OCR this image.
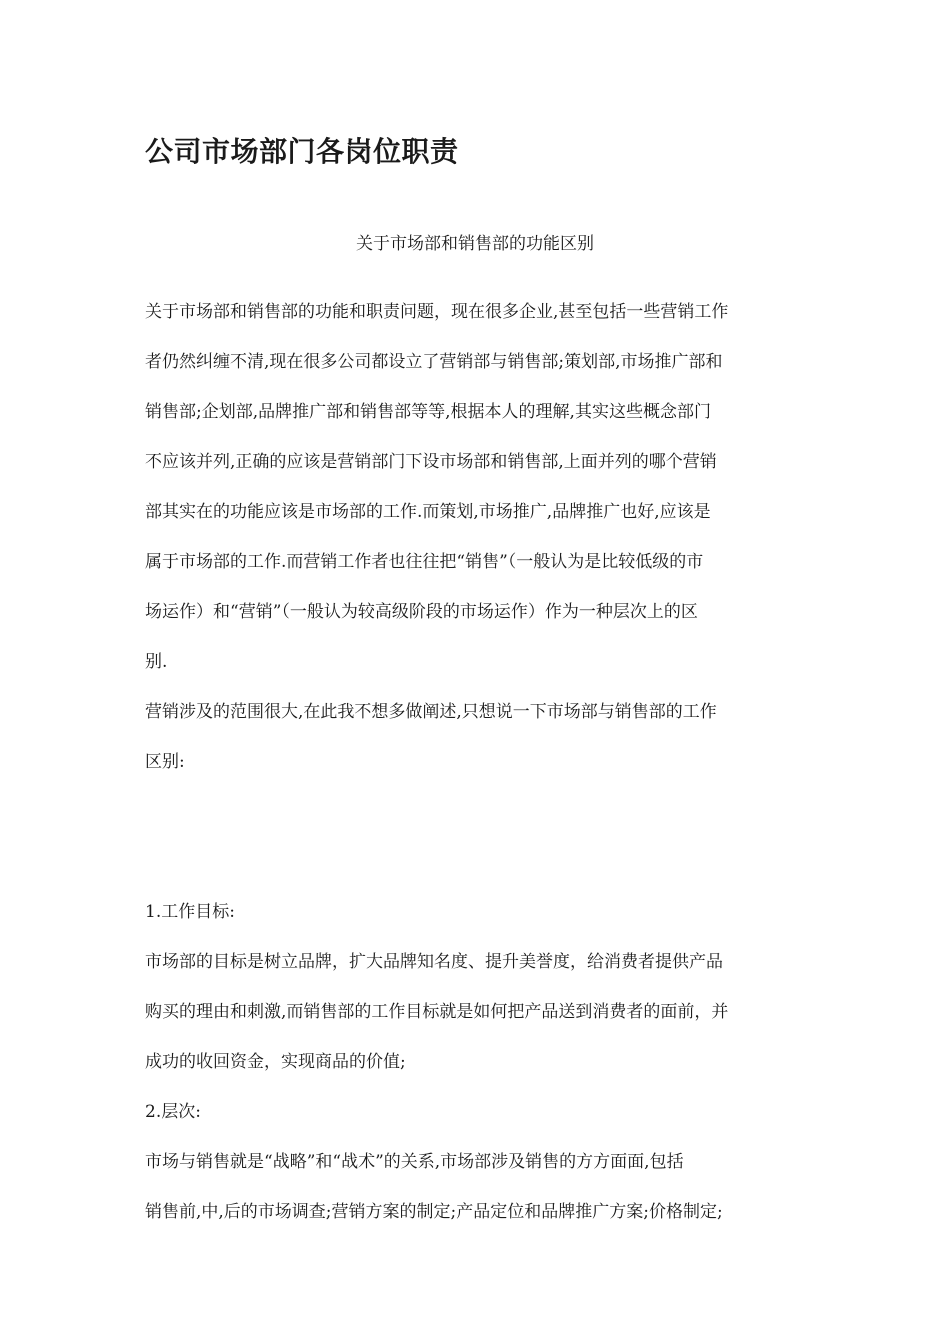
公司市场部门各岗位职责

关于市场部和销售部的功能区别

关于市场部和销售部的功能和职责问题，现在很多企业,甚至包括一些营销工作
者仍然纠缠不清,现在很多公司都设立了营销部与销售部;策划部,市场推广部和
销售部;企划部,品牌推广部和销售部等等,根据本人的理解,其实这些概念部门
不应该并列,正确的应该是营销部门下设市场部和销售部,上面并列的哪个营销
部其实在的功能应该是市场部的工作.而策划,市场推广,品牌推广也好,应该是
属于市场部的工作.而营销工作者也往往把“销售”（一般认为是比较低级的市
场运作）和“营销”（一般认为较高级阶段的市场运作）作为一种层次上的区
别.
营销涉及的范围很大,在此我不想多做阐述,只想说一下市场部与销售部的工作
区别:
1.工作目标:
市场部的目标是树立品牌，扩大品牌知名度、提升美誉度，给消费者提供产品
购买的理由和刺激,而销售部的工作目标就是如何把产品送到消费者的面前，并
成功的收回资金，实现商品的价值;
2.层次:
市场与销售就是“战略”和“战术”的关系,市场部涉及销售的方方面面,包括
销售前,中,后的市场调查;营销方案的制定;产品定位和品牌推广方案;价格制定;
